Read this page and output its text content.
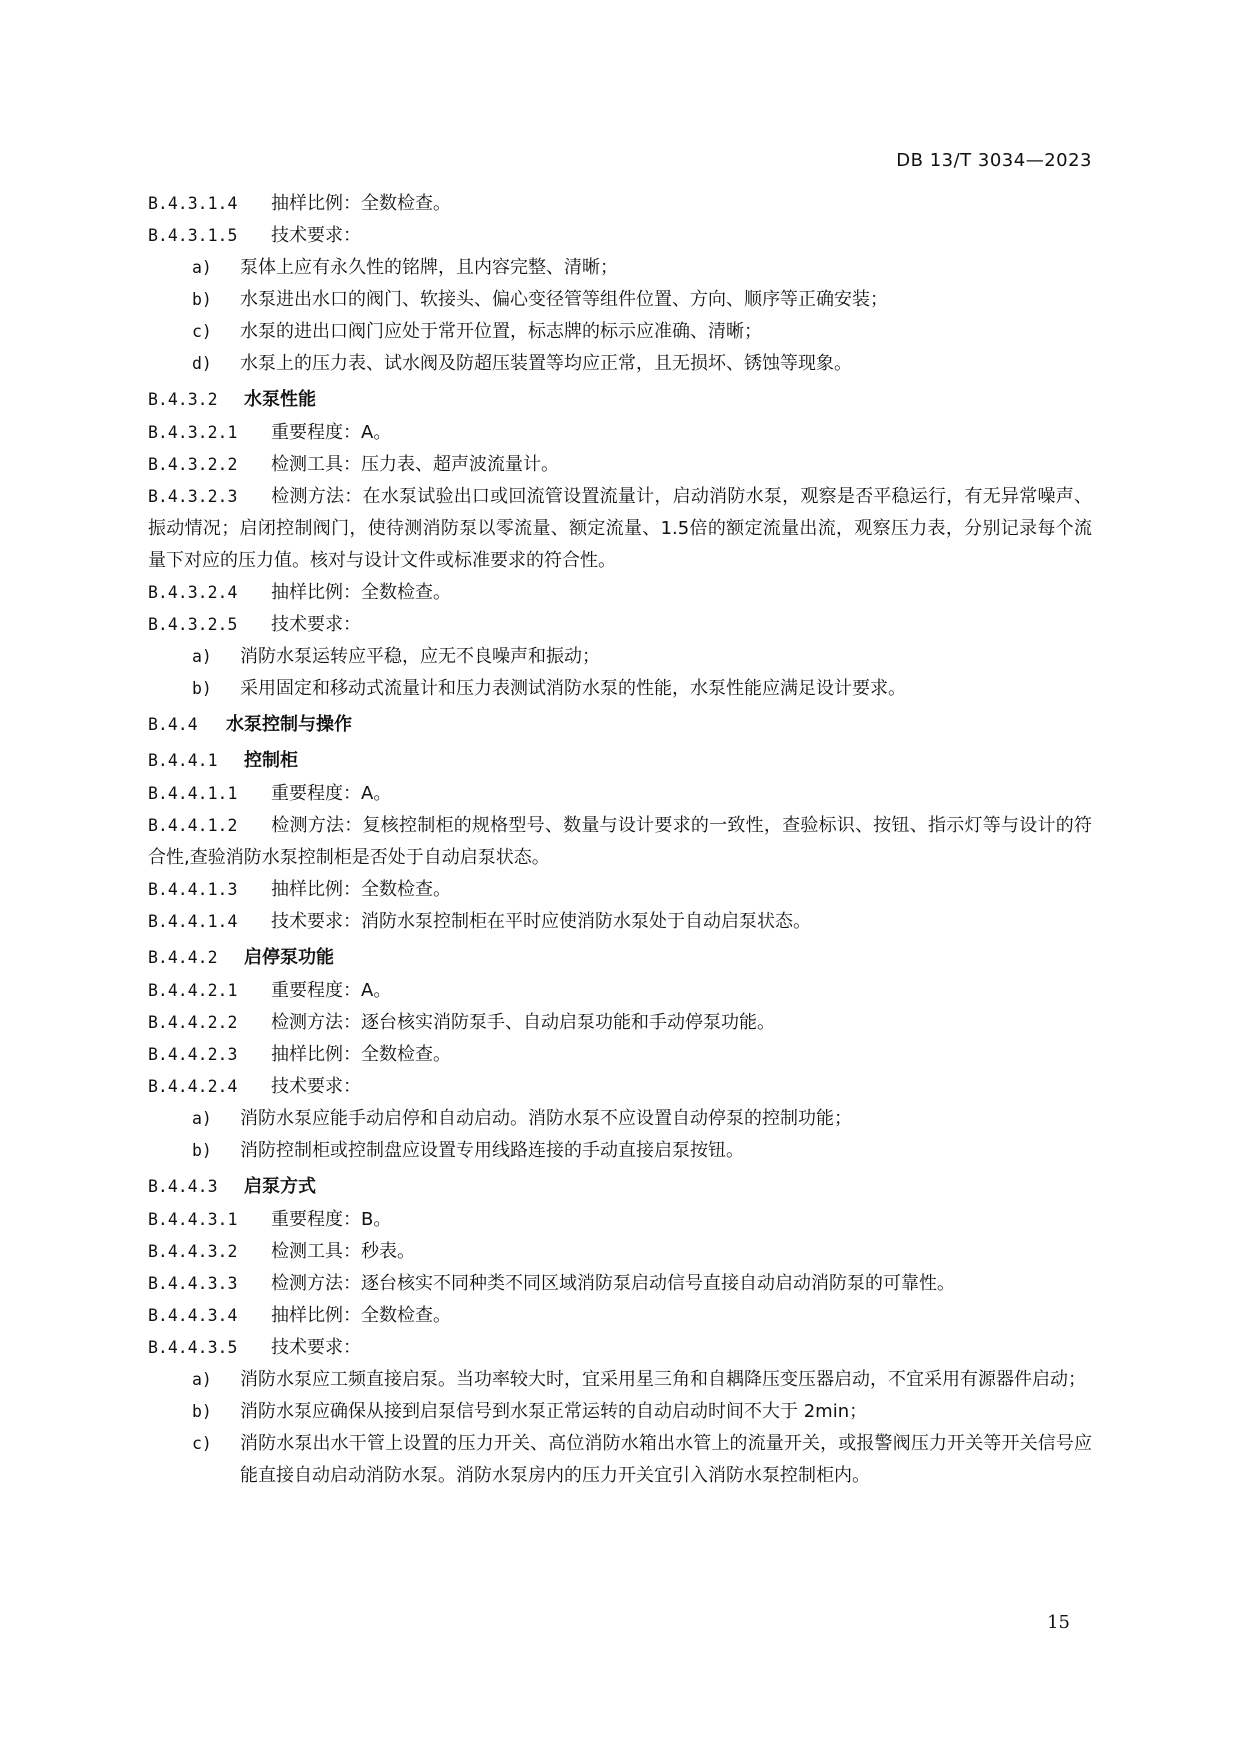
DB 13/T 3034—2023
B.4.3.1.4 抽样比例：全数检查。
B.4.3.1.5 技术要求：
a) 泵体上应有永久性的铭牌，且内容完整、清晰；
b) 水泵进出水口的阀门、软接头、偏心变径管等组件位置、方向、顺序等正确安装；
c) 水泵的进出口阀门应处于常开位置，标志牌的标示应准确、清晰；
d) 水泵上的压力表、试水阀及防超压装置等均应正常，且无损坏、锈蚀等现象。
B.4.3.2 水泵性能
B.4.3.2.1 重要程度：A。
B.4.3.2.2 检测工具：压力表、超声波流量计。
B.4.3.2.3 检测方法：在水泵试验出口或回流管设置流量计，启动消防水泵，观察是否平稳运行，有无异常噪声、振动情况；启闭控制阀门，使待测消防泵以零流量、额定流量、1.5倍的额定流量出流，观察压力表，分别记录每个流量下对应的压力值。核对与设计文件或标准要求的符合性。
B.4.3.2.4 抽样比例：全数检查。
B.4.3.2.5 技术要求：
a) 消防水泵运转应平稳，应无不良噪声和振动；
b) 采用固定和移动式流量计和压力表测试消防水泵的性能，水泵性能应满足设计要求。
B.4.4 水泵控制与操作
B.4.4.1 控制柜
B.4.4.1.1 重要程度：A。
B.4.4.1.2 检测方法：复核控制柜的规格型号、数量与设计要求的一致性，查验标识、按钮、指示灯等与设计的符合性,查验消防水泵控制柜是否处于自动启泵状态。
B.4.4.1.3 抽样比例：全数检查。
B.4.4.1.4 技术要求：消防水泵控制柜在平时应使消防水泵处于自动启泵状态。
B.4.4.2 启停泵功能
B.4.4.2.1 重要程度：A。
B.4.4.2.2 检测方法：逐台核实消防泵手、自动启泵功能和手动停泵功能。
B.4.4.2.3 抽样比例：全数检查。
B.4.4.2.4 技术要求：
a) 消防水泵应能手动启停和自动启动。消防水泵不应设置自动停泵的控制功能；
b) 消防控制柜或控制盘应设置专用线路连接的手动直接启泵按钮。
B.4.4.3 启泵方式
B.4.4.3.1 重要程度：B。
B.4.4.3.2 检测工具：秒表。
B.4.4.3.3 检测方法：逐台核实不同种类不同区域消防泵启动信号直接自动启动消防泵的可靠性。
B.4.4.3.4 抽样比例：全数检查。
B.4.4.3.5 技术要求：
a) 消防水泵应工频直接启泵。当功率较大时，宜采用星三角和自耦降压变压器启动，不宜采用有源器件启动；
b) 消防水泵应确保从接到启泵信号到水泵正常运转的自动启动时间不大于 2min；
c) 消防水泵出水干管上设置的压力开关、高位消防水箱出水管上的流量开关，或报警阀压力开关等开关信号应能直接自动启动消防水泵。消防水泵房内的压力开关宜引入消防水泵控制柜内。
15
